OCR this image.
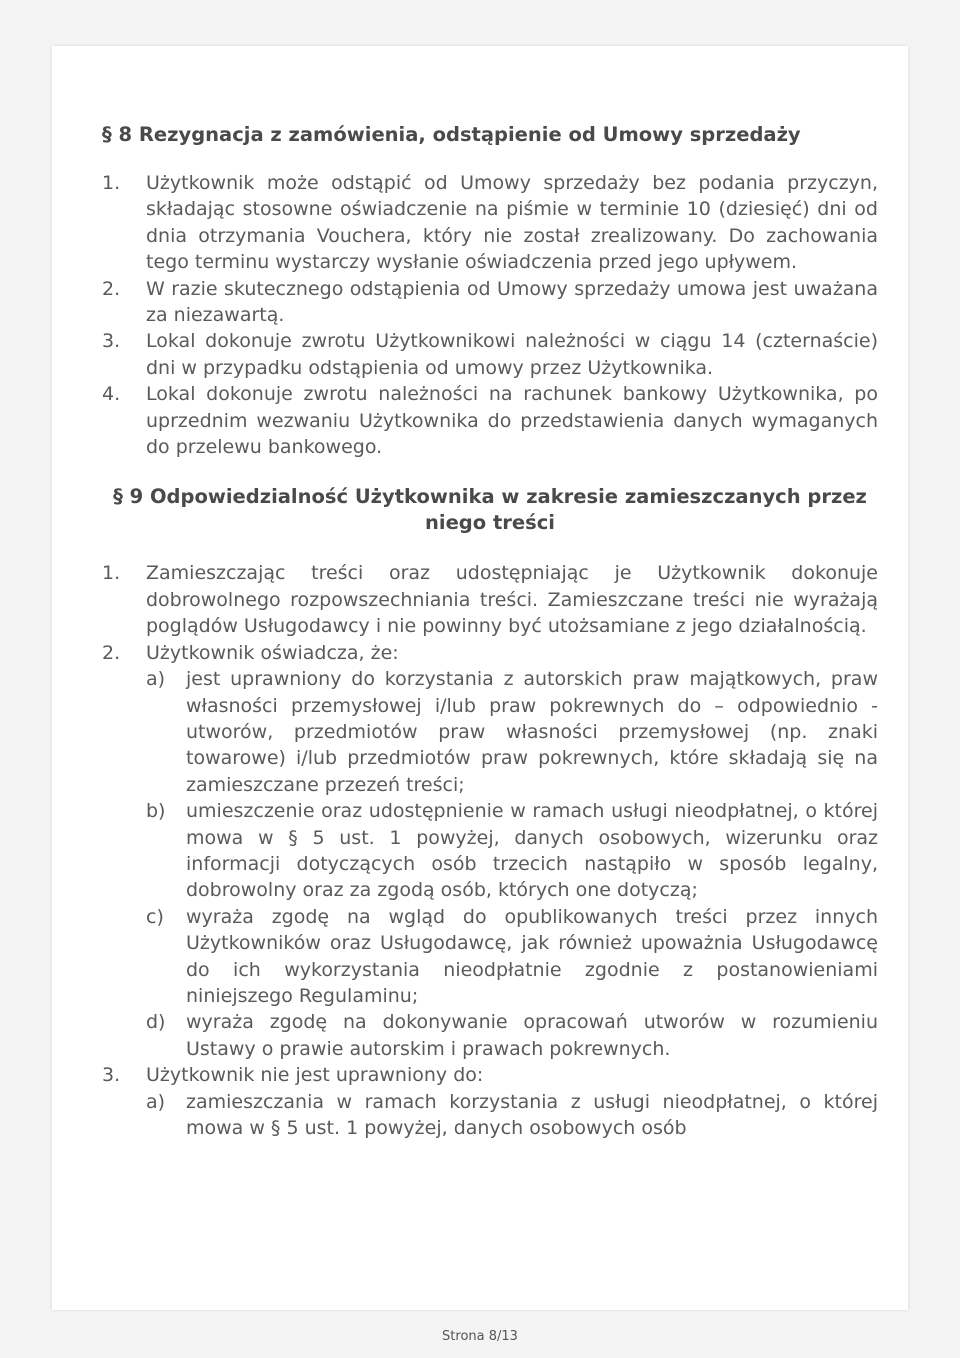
§ 8 Rezygnacja z zamówienia, odstąpienie od Umowy sprzedaży
1. Użytkownik może odstąpić od Umowy sprzedaży bez podania przyczyn, składając stosowne oświadczenie na piśmie w terminie 10 (dziesięć) dni od dnia otrzymania Vouchera, który nie został zrealizowany. Do zachowania tego terminu wystarczy wysłanie oświadczenia przed jego upływem.
2. W razie skutecznego odstąpienia od Umowy sprzedaży umowa jest uważana za niezawartą.
3. Lokal dokonuje zwrotu Użytkownikowi należności w ciągu 14 (czternaście) dni w przypadku odstąpienia od umowy przez Użytkownika.
4. Lokal dokonuje zwrotu należności na rachunek bankowy Użytkownika, po uprzednim wezwaniu Użytkownika do przedstawienia danych wymaganych do przelewu bankowego.
§ 9 Odpowiedzialność Użytkownika w zakresie zamieszczanych przez niego treści
1. Zamieszczając treści oraz udostępniając je Użytkownik dokonuje dobrowolnego rozpowszechniania treści. Zamieszczane treści nie wyrażają poglądów Usługodawcy i nie powinny być utożsamiane z jego działalnością.
2. Użytkownik oświadcza, że:
a) jest uprawniony do korzystania z autorskich praw majątkowych, praw własności przemysłowej i/lub praw pokrewnych do – odpowiednio - utworów, przedmiotów praw własności przemysłowej (np. znaki towarowe) i/lub przedmiotów praw pokrewnych, które składają się na zamieszczane przezeń treści;
b) umieszczenie oraz udostępnienie w ramach usługi nieodpłatnej, o której mowa w § 5 ust. 1 powyżej, danych osobowych, wizerunku oraz informacji dotyczących osób trzecich nastąpiło w sposób legalny, dobrowolny oraz za zgodą osób, których one dotyczą;
c) wyraża zgodę na wgląd do opublikowanych treści przez innych Użytkowników oraz Usługodawcę, jak również upoważnia Usługodawcę do ich wykorzystania nieodpłatnie zgodnie z postanowieniami niniejszego Regulaminu;
d) wyraża zgodę na dokonywanie opracowań utworów w rozumieniu Ustawy o prawie autorskim i prawach pokrewnych.
3. Użytkownik nie jest uprawniony do:
a) zamieszczania w ramach korzystania z usługi nieodpłatnej, o której mowa w § 5 ust. 1 powyżej, danych osobowych osób
Strona 8/13
